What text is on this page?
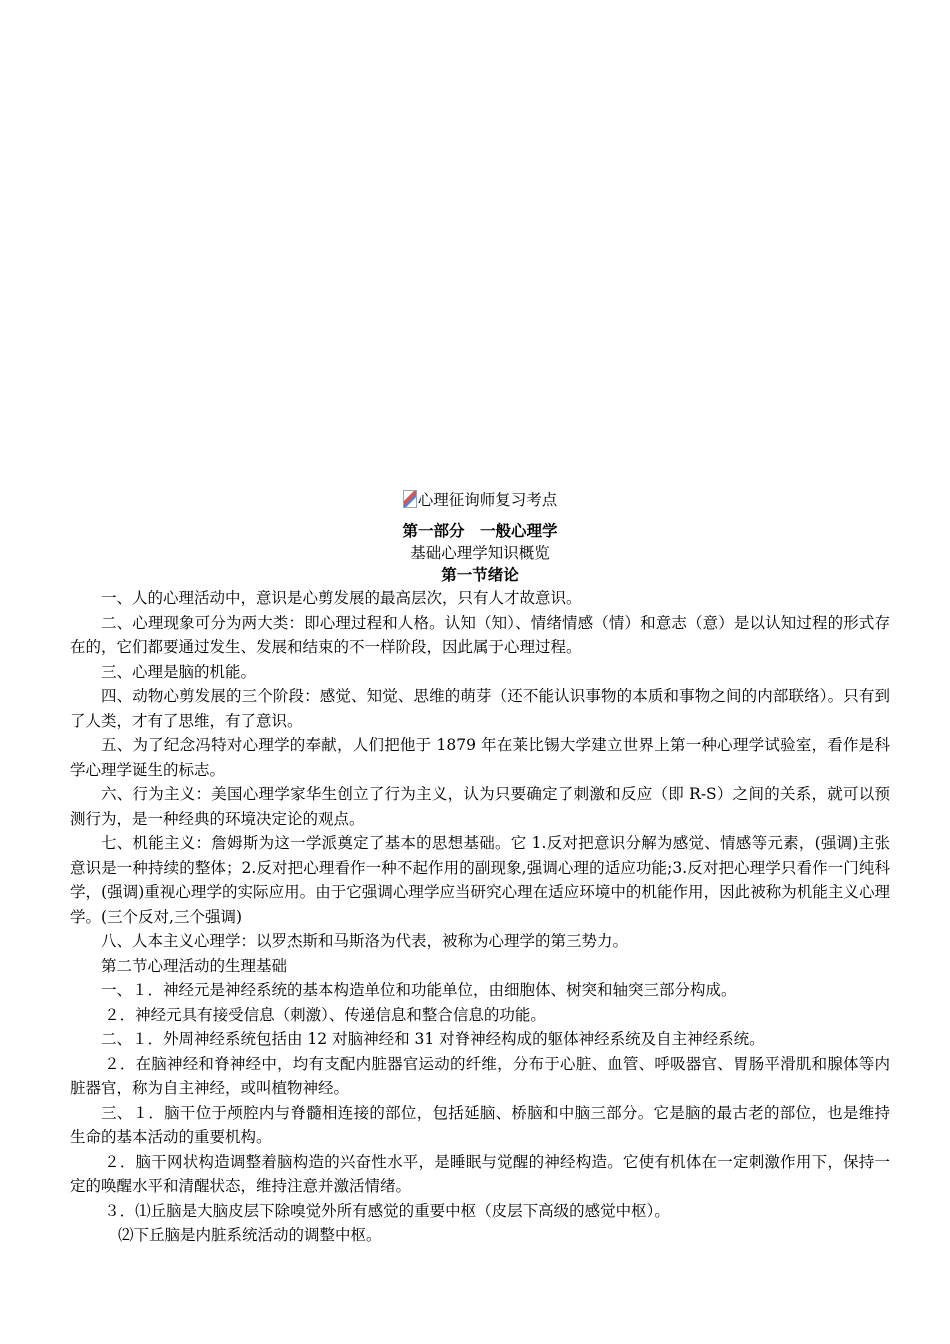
心理征询师复习考点
第一部分　一般心理学
基础心理学知识概览
第一节绪论

一、人的心理活动中，意识是心剪发展的最高层次，只有人才故意识。

二、心理现象可分为两大类：即心理过程和人格。认知（知）、情绪情感（情）和意志（意）是以认知过程的形式存在的，它们都要通过发生、发展和结束的不一样阶段，因此属于心理过程。

三、心理是脑的机能。

四、动物心剪发展的三个阶段：感觉、知觉、思维的萌芽（还不能认识事物的本质和事物之间的内部联络）。只有到了人类，才有了思维，有了意识。

五、为了纪念冯特对心理学的奉献，人们把他于 1879 年在莱比锡大学建立世界上第一种心理学试验室，看作是科学心理学诞生的标志。

六、行为主义：美国心理学家华生创立了行为主义，认为只要确定了刺激和反应（即 R-S）之间的关系，就可以预测行为，是一种经典的环境决定论的观点。

七、机能主义：詹姆斯为这一学派奠定了基本的思想基础。它 1.反对把意识分解为感觉、情感等元素，(强调)主张意识是一种持续的整体；2.反对把心理看作一种不起作用的副现象,强调心理的适应功能;3.反对把心理学只看作一门纯科学，(强调)重视心理学的实际应用。由于它强调心理学应当研究心理在适应环境中的机能作用，因此被称为机能主义心理学。(三个反对,三个强调)

八、人本主义心理学：以罗杰斯和马斯洛为代表，被称为心理学的第三势力。

第二节心理活动的生理基础

一、１．神经元是神经系统的基本构造单位和功能单位，由细胞体、树突和轴突三部分构成。

２．神经元具有接受信息（刺激）、传递信息和整合信息的功能。

二、１．外周神经系统包括由 12 对脑神经和 31 对脊神经构成的躯体神经系统及自主神经系统。

２．在脑神经和脊神经中，均有支配内脏器官运动的纤维，分布于心脏、血管、呼吸器官、胃肠平滑肌和腺体等内脏器官，称为自主神经，或叫植物神经。

三、１．脑干位于颅腔内与脊髓相连接的部位，包括延脑、桥脑和中脑三部分。它是脑的最古老的部位，也是维持生命的基本活动的重要机构。

２．脑干网状构造调整着脑构造的兴奋性水平，是睡眠与觉醒的神经构造。它使有机体在一定刺激作用下，保持一定的唤醒水平和清醒状态，维持注意并激活情绪。

３．⑴丘脑是大脑皮层下除嗅觉外所有感觉的重要中枢（皮层下高级的感觉中枢）。

⑵下丘脑是内脏系统活动的调整中枢。
